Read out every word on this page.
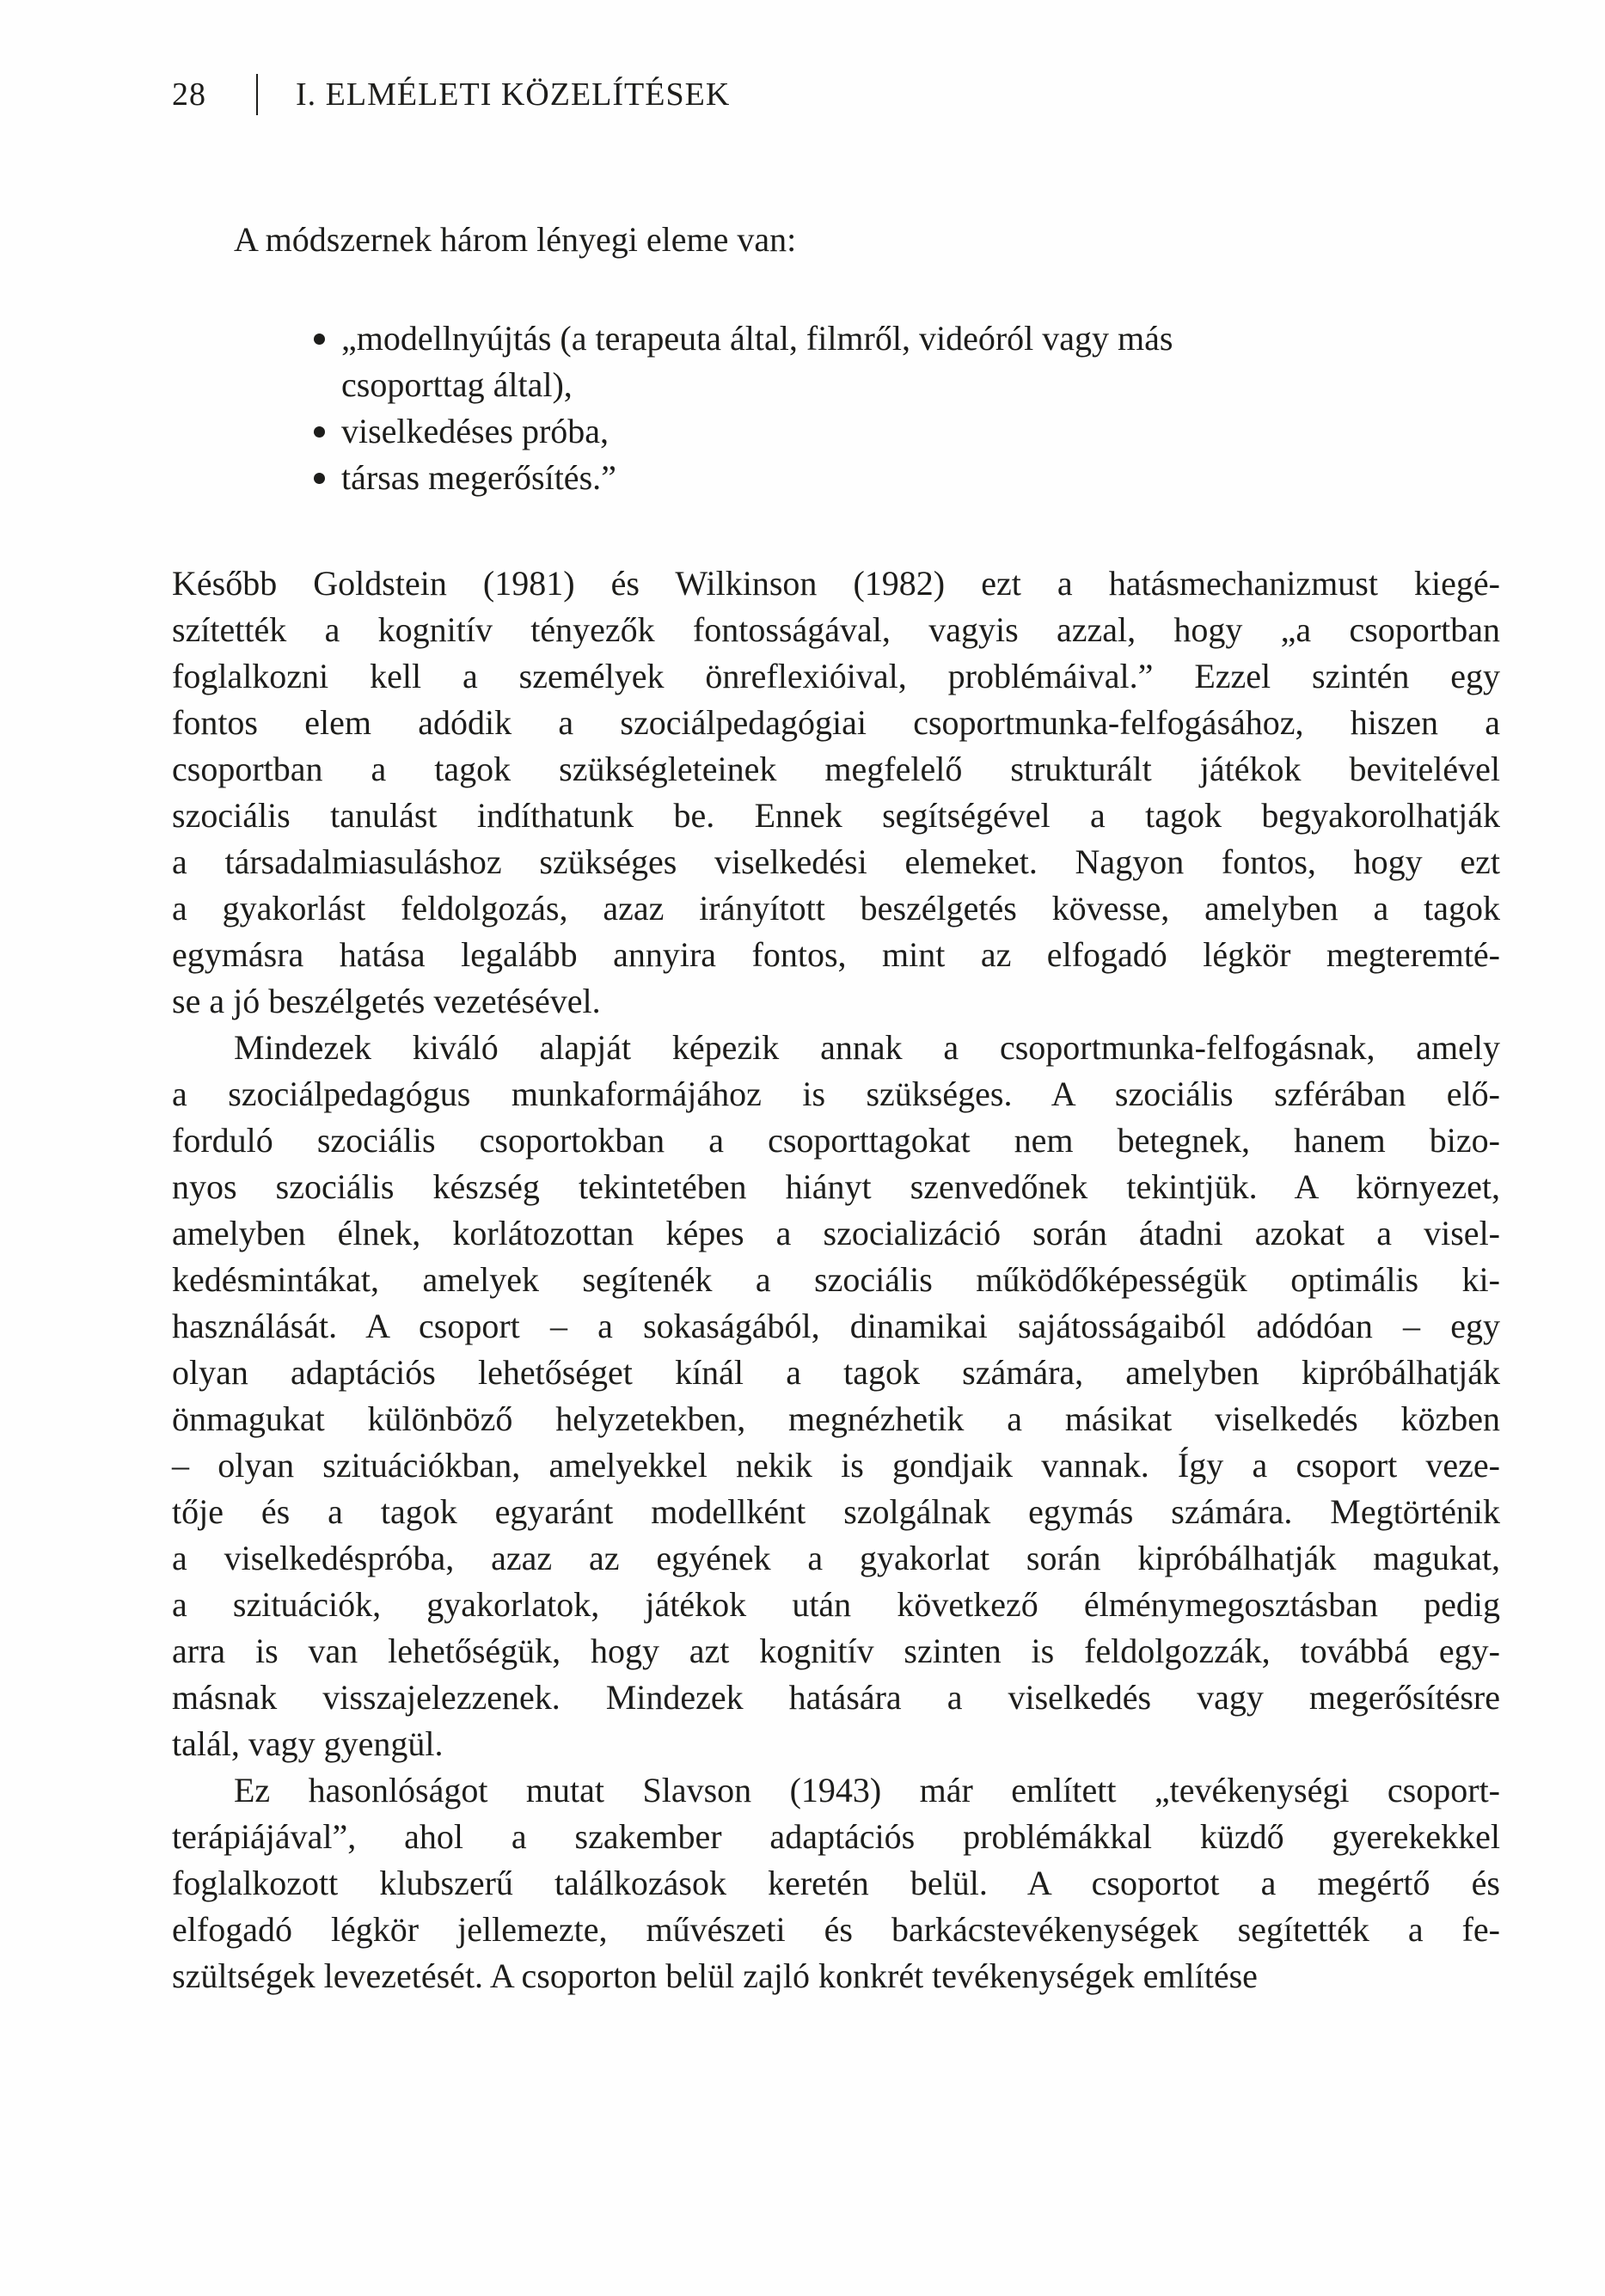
28	I. ELMÉLETI KÖZELÍTÉSEK

A módszernek három lényegi eleme van:

„modellnyújtás (a terapeuta által, filmről, videóról vagy más
csoporttag által),
viselkedéses próba,
társas megerősítés.”
Később Goldstein (1981) és Wilkinson (1982) ezt a hatásmechanizmust kiegé-
szítették a kognitív tényezők fontosságával, vagyis azzal, hogy „a csoportban
foglalkozni kell a személyek önreflexióival, problémáival.” Ezzel szintén egy
fontos elem adódik a szociálpedagógiai csoportmunka-felfogásához, hiszen a
csoportban a tagok szükségleteinek megfelelő strukturált játékok bevitelével
szociális tanulást indíthatunk be. Ennek segítségével a tagok begyakorolhatják
a társadalmiasuláshoz szükséges viselkedési elemeket. Nagyon fontos, hogy ezt
a gyakorlást feldolgozás, azaz irányított beszélgetés kövesse, amelyben a tagok
egymásra hatása legalább annyira fontos, mint az elfogadó légkör megteremté-
se a jó beszélgetés vezetésével.
Mindezek kiváló alapját képezik annak a csoportmunka-felfogásnak, amely
a szociálpedagógus munkaformájához is szükséges. A szociális szférában elő-
forduló szociális csoportokban a csoporttagokat nem betegnek, hanem bizo-
nyos szociális készség tekintetében hiányt szenvedőnek tekintjük. A környezet,
amelyben élnek, korlátozottan képes a szocializáció során átadni azokat a visel-
kedésmintákat, amelyek segítenék a szociális működőképességük optimális ki-
használását. A csoport – a sokaságából, dinamikai sajátosságaiból adódóan – egy
olyan adaptációs lehetőséget kínál a tagok számára, amelyben kipróbálhatják
önmagukat különböző helyzetekben, megnézhetik a másikat viselkedés közben
– olyan szituációkban, amelyekkel nekik is gondjaik vannak. Így a csoport veze-
tője és a tagok egyaránt modellként szolgálnak egymás számára. Megtörténik
a viselkedéspróba, azaz az egyének a gyakorlat során kipróbálhatják magukat,
a szituációk, gyakorlatok, játékok után következő élménymegosztásban pedig
arra is van lehetőségük, hogy azt kognitív szinten is feldolgozzák, továbbá egy-
másnak visszajelezzenek. Mindezek hatására a viselkedés vagy megerősítésre
talál, vagy gyengül.
Ez hasonlóságot mutat Slavson (1943) már említett „tevékenységi csoport-
terápiájával”, ahol a szakember adaptációs problémákkal küzdő gyerekekkel
foglalkozott klubszerű találkozások keretén belül. A csoportot a megértő és
elfogadó légkör jellemezte, művészeti és barkácstevékenységek segítették a fe-
szültségek levezetését. A csoporton belül zajló konkrét tevékenységek említése
